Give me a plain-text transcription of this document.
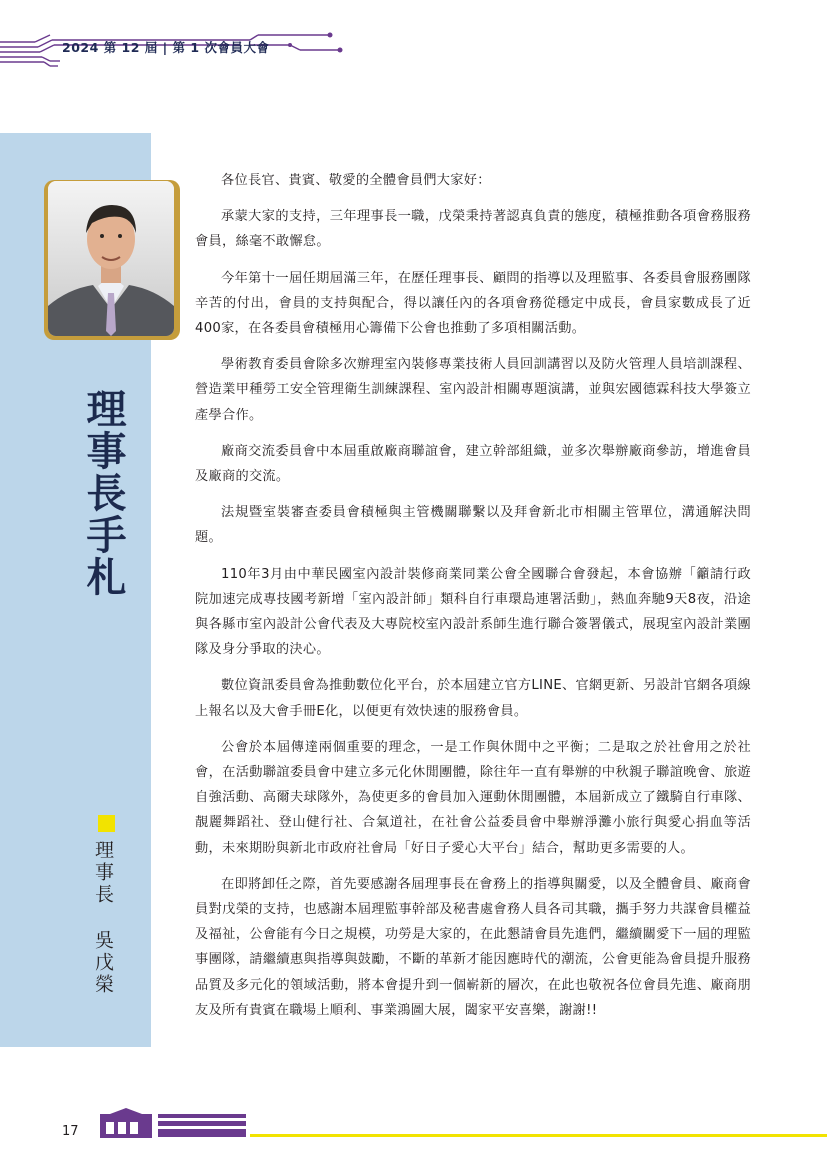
2024 第 12 屆 | 第 1 次會員大會
理事長手札
理事長
吳戊榮

各位長官、貴賓、敬愛的全體會員們大家好：

承蒙大家的支持，三年理事長一職，戊榮秉持著認真負責的態度，積極推動各項會務服務會員，絲毫不敢懈怠。

今年第十一屆任期屆滿三年，在歷任理事長、顧問的指導以及理監事、各委員會服務團隊辛苦的付出，會員的支持與配合，得以讓任內的各項會務從穩定中成長，會員家數成長了近400家，在各委員會積極用心籌備下公會也推動了多項相關活動。

學術教育委員會除多次辦理室內裝修專業技術人員回訓講習以及防火管理人員培訓課程、營造業甲種勞工安全管理衛生訓練課程、室內設計相關專題演講，並與宏國德霖科技大學簽立產學合作。

廠商交流委員會中本屆重啟廠商聯誼會，建立幹部組織，並多次舉辦廠商參訪，增進會員及廠商的交流。

法規暨室裝審查委員會積極與主管機關聯繫以及拜會新北市相關主管單位，溝通解決問題。

110年3月由中華民國室內設計裝修商業同業公會全國聯合會發起，本會協辦「籲請行政院加速完成專技國考新增「室內設計師」類科自行車環島連署活動」，熱血奔馳9天8夜，沿途與各縣市室內設計公會代表及大專院校室內設計系師生進行聯合簽署儀式，展現室內設計業團隊及身分爭取的決心。

數位資訊委員會為推動數位化平台，於本屆建立官方LINE、官網更新、另設計官網各項線上報名以及大會手冊E化，以便更有效快速的服務會員。

公會於本屆傳達兩個重要的理念，一是工作與休閒中之平衡；二是取之於社會用之於社會，在活動聯誼委員會中建立多元化休閒團體，除往年一直有舉辦的中秋親子聯誼晚會、旅遊自強活動、高爾夫球隊外，為使更多的會員加入運動休閒團體，本屆新成立了鐵騎自行車隊、靚麗舞蹈社、登山健行社、合氣道社，在社會公益委員會中舉辦淨灘小旅行與愛心捐血等活動，未來期盼與新北市政府社會局「好日子愛心大平台」結合，幫助更多需要的人。

在即將卸任之際，首先要感謝各屆理事長在會務上的指導與關愛，以及全體會員、廠商會員對戊榮的支持，也感謝本屆理監事幹部及秘書處會務人員各司其職，攜手努力共謀會員權益及福祉，公會能有今日之規模，功勞是大家的，在此懇請會員先進們，繼續關愛下一屆的理監事團隊，請繼續惠與指導與鼓勵，不斷的革新才能因應時代的潮流，公會更能為會員提升服務品質及多元化的領域活動，將本會提升到一個嶄新的層次，在此也敬祝各位會員先進、廠商朋友及所有貴賓在職場上順利、事業鴻圖大展，闔家平安喜樂，謝謝!!

17
